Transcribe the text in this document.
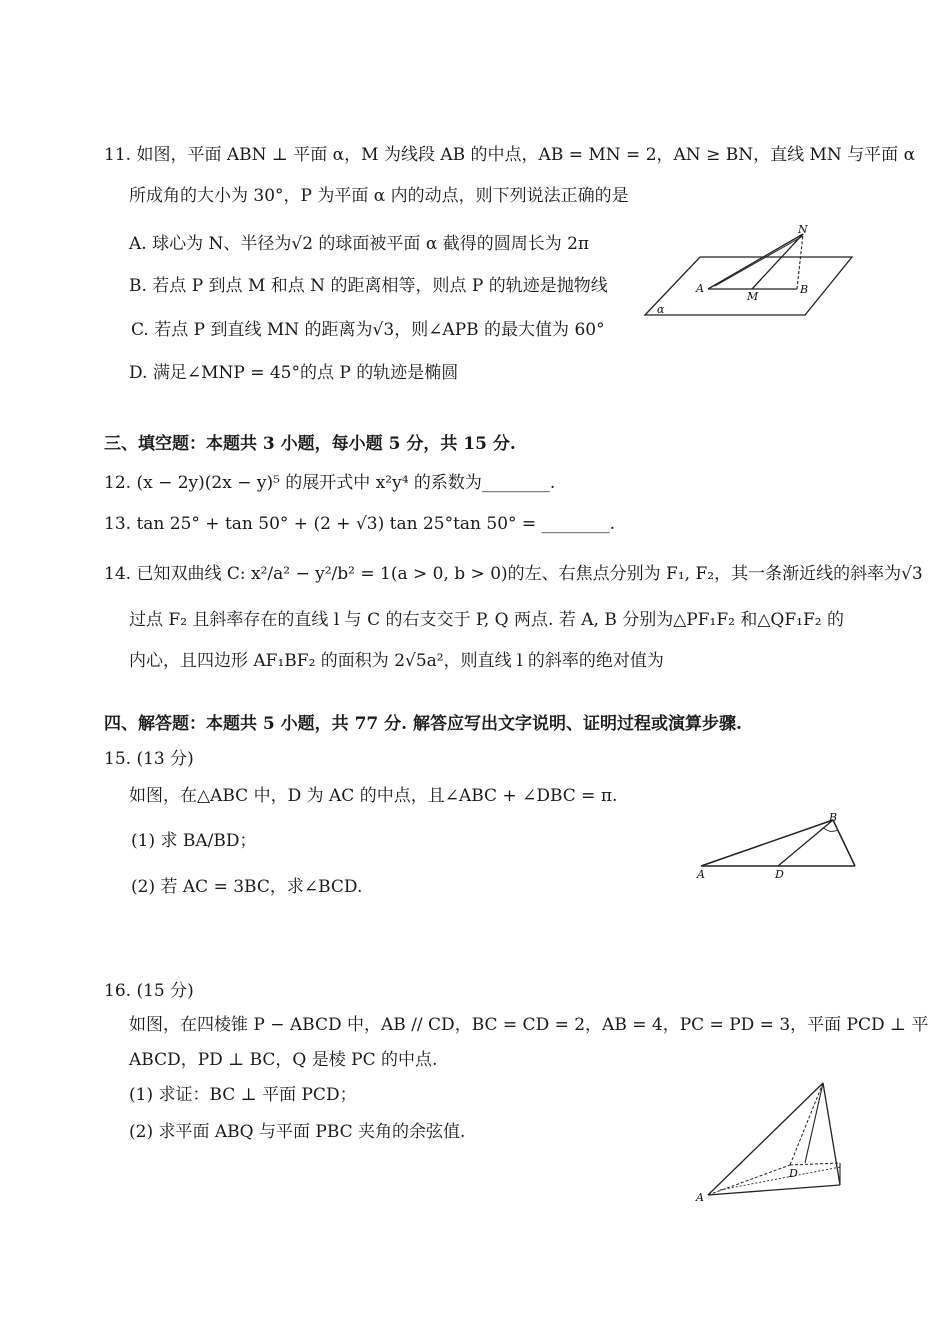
11. 如图，平面 ABN ⊥ 平面 α，M 为线段 AB 的中点，AB = MN = 2，AN ≥ BN，直线 MN 与平面 α
所成角的大小为 30°，P 为平面 α 内的动点，则下列说法正确的是
A. 球心为 N、半径为√2 的球面被平面 α 截得的圆周长为 2π
B. 若点 P 到点 M 和点 N 的距离相等，则点 P 的轨迹是抛物线
C. 若点 P 到直线 MN 的距离为√3，则∠APB 的最大值为 60°
D. 满足∠MNP = 45°的点 P 的轨迹是椭圆
N
A
M
B
α
三、填空题：本题共 3 小题，每小题 5 分，共 15 分.
12. (x − 2y)(2x − y)⁵ 的展开式中 x²y⁴ 的系数为________.
13. tan 25° + tan 50° + (2 + √3) tan 25°tan 50° = ________.
14. 已知双曲线 C: x²/a² − y²/b² = 1(a > 0, b > 0)的左、右焦点分别为 F₁, F₂，其一条渐近线的斜率为√3
过点 F₂ 且斜率存在的直线 l 与 C 的右支交于 P, Q 两点. 若 A, B 分别为△PF₁F₂ 和△QF₁F₂ 的
内心，且四边形 AF₁BF₂ 的面积为 2√5a²，则直线 l 的斜率的绝对值为
四、解答题：本题共 5 小题，共 77 分. 解答应写出文字说明、证明过程或演算步骤.
15. (13 分)
如图，在△ABC 中，D 为 AC 的中点，且∠ABC + ∠DBC = π.
(1) 求 BA/BD；
(2) 若 AC = 3BC，求∠BCD.
A
B
D
16. (15 分)
如图，在四棱锥 P − ABCD 中，AB // CD，BC = CD = 2，AB = 4，PC = PD = 3，平面 PCD ⊥ 平
ABCD，PD ⊥ BC，Q 是棱 PC 的中点.
(1) 求证：BC ⊥ 平面 PCD；
(2) 求平面 ABQ 与平面 PBC 夹角的余弦值.
A
D
